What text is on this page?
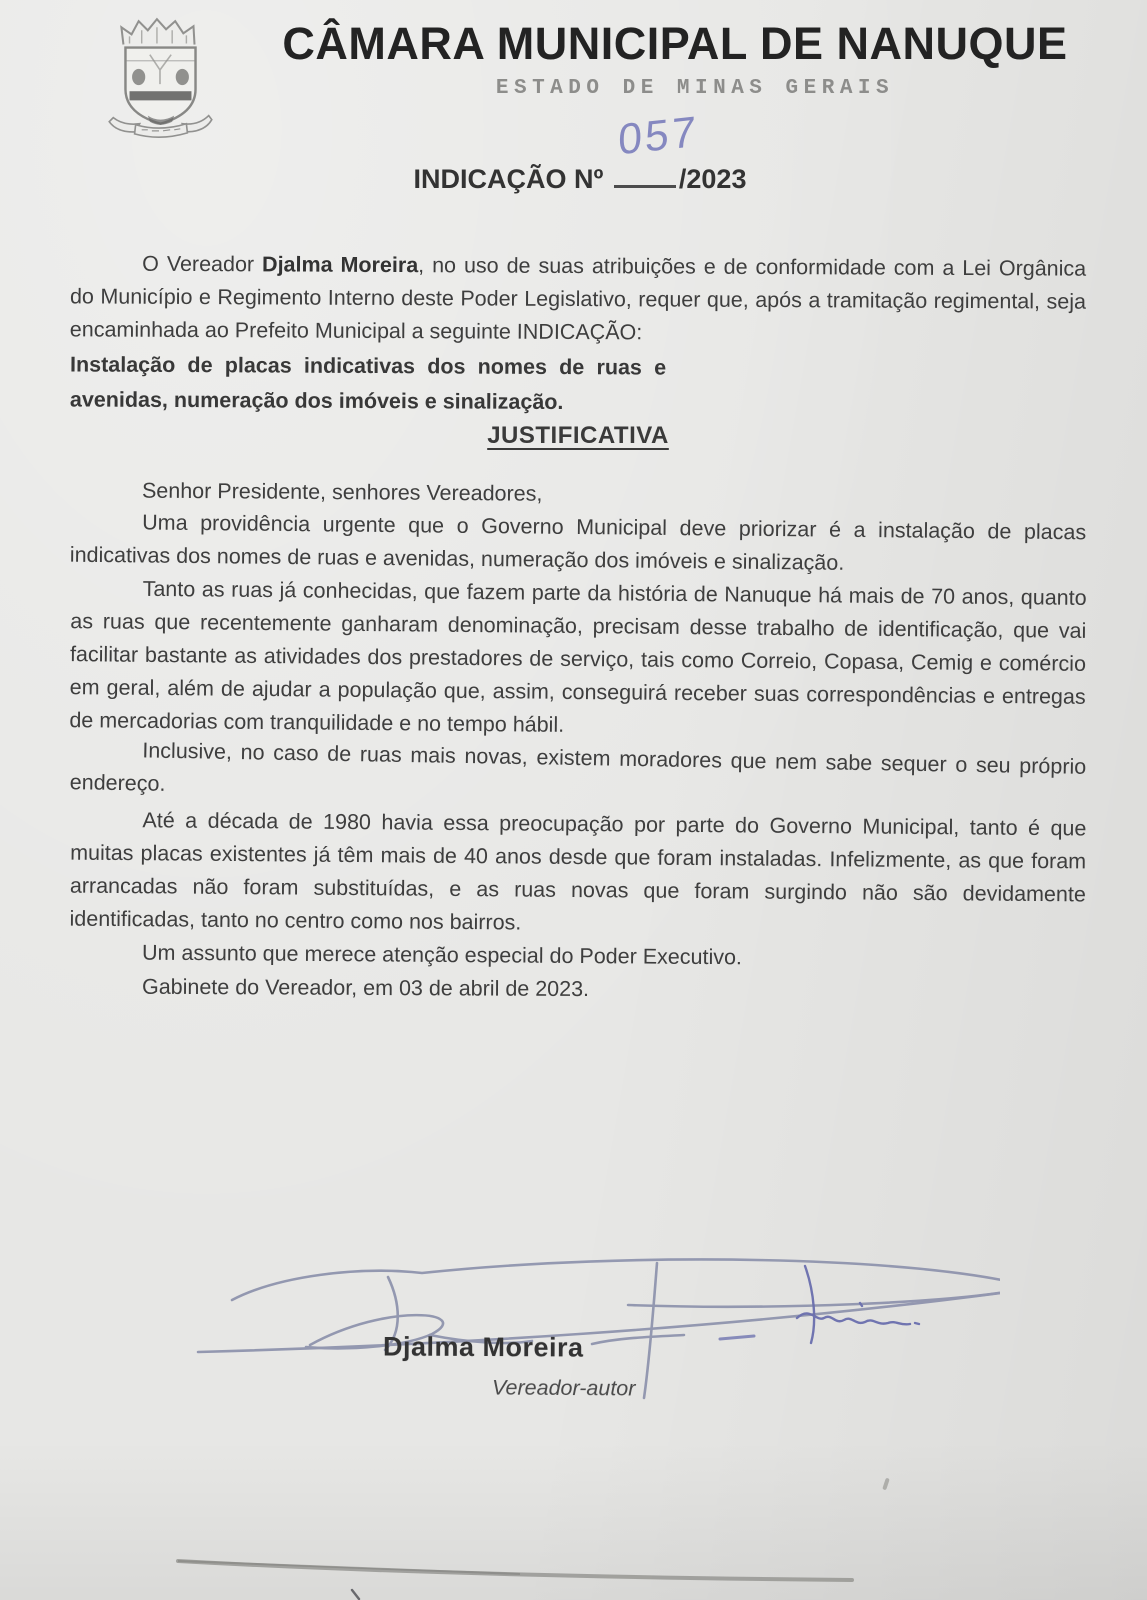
CÂMARA MUNICIPAL DE NANUQUE
ESTADO DE MINAS GERAIS
INDICAÇÃO Nº	/2023
057

O Vereador Djalma Moreira, no uso de suas atribuições e de conformidade com a Lei Orgânica do Município e Regimento Interno deste Poder Legislativo, requer que, após a tramitação regimental, seja encaminhada ao Prefeito Municipal a seguinte INDICAÇÃO:

Instalação de placas indicativas dos nomes de ruas e avenidas, numeração dos imóveis e sinalização.

JUSTIFICATIVA

Senhor Presidente, senhores Vereadores,

Uma providência urgente que o Governo Municipal deve priorizar é a instalação de placas indicativas dos nomes de ruas e avenidas, numeração dos imóveis e sinalização.

Tanto as ruas já conhecidas, que fazem parte da história de Nanuque há mais de 70 anos, quanto as ruas que recentemente ganharam denominação, precisam desse trabalho de identificação, que vai facilitar bastante as atividades dos prestadores de serviço, tais como Correio, Copasa, Cemig e comércio em geral, além de ajudar a população que, assim, conseguirá receber suas correspondências e entregas de mercadorias com tranquilidade e no tempo hábil.

Inclusive, no caso de ruas mais novas, existem moradores que nem sabe sequer o seu próprio endereço.

Até a década de 1980 havia essa preocupação por parte do Governo Municipal, tanto é que muitas placas existentes já têm mais de 40 anos desde que foram instaladas. Infelizmente, as que foram arrancadas não foram substituídas, e as ruas novas que foram surgindo não são devidamente identificadas, tanto no centro como nos bairros.

Um assunto que merece atenção especial do Poder Executivo.

Gabinete do Vereador, em 03 de abril de 2023.

Djalma Moreira
Vereador-autor
